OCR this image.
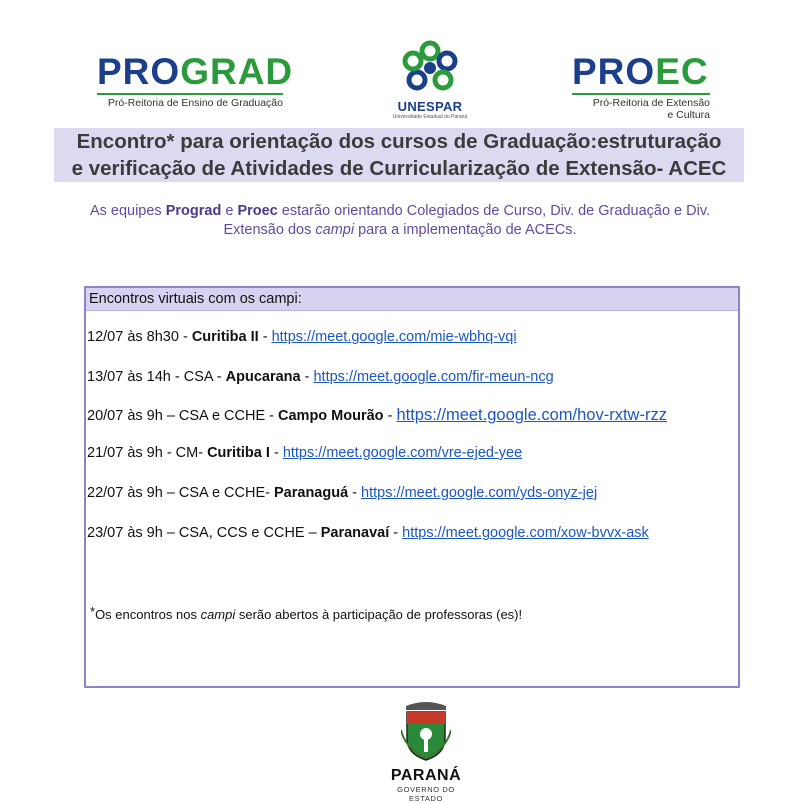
PROGRAD
Pró-Reitoria de Ensino de Graduação	UNESPAR
Universidade Estadual do Paraná
PROEC
Pró-Reitoria de Extensão
e Cultura
Encontro* para orientação dos cursos de Graduação:estruturação
e verificação de Atividades de Curricularização de Extensão- ACEC
As equipes Prograd e Proec estarão orientando Colegiados de Curso, Div. de Graduação e Div.
Extensão dos campi para a implementação de ACECs.
Encontros virtuais com os campi:
12/07 às 8h30 - Curitiba II - https://meet.google.com/mie-wbhq-vqi
13/07 às 14h - CSA - Apucarana - https://meet.google.com/fir-meun-ncg
20/07 às 9h – CSA e CCHE - Campo Mourão - https://meet.google.com/hov-rxtw-rzz
21/07 às 9h - CM- Curitiba I - https://meet.google.com/vre-ejed-yee
22/07 às 9h – CSA e CCHE- Paranaguá - https://meet.google.com/yds-onyz-jej
23/07 às 9h – CSA, CCS e CCHE – Paranavaí - https://meet.google.com/xow-bvvx-ask
*Os encontros nos campi serão abertos à participação de professoras (es)!
PARANÁ
GOVERNO DO ESTADO
